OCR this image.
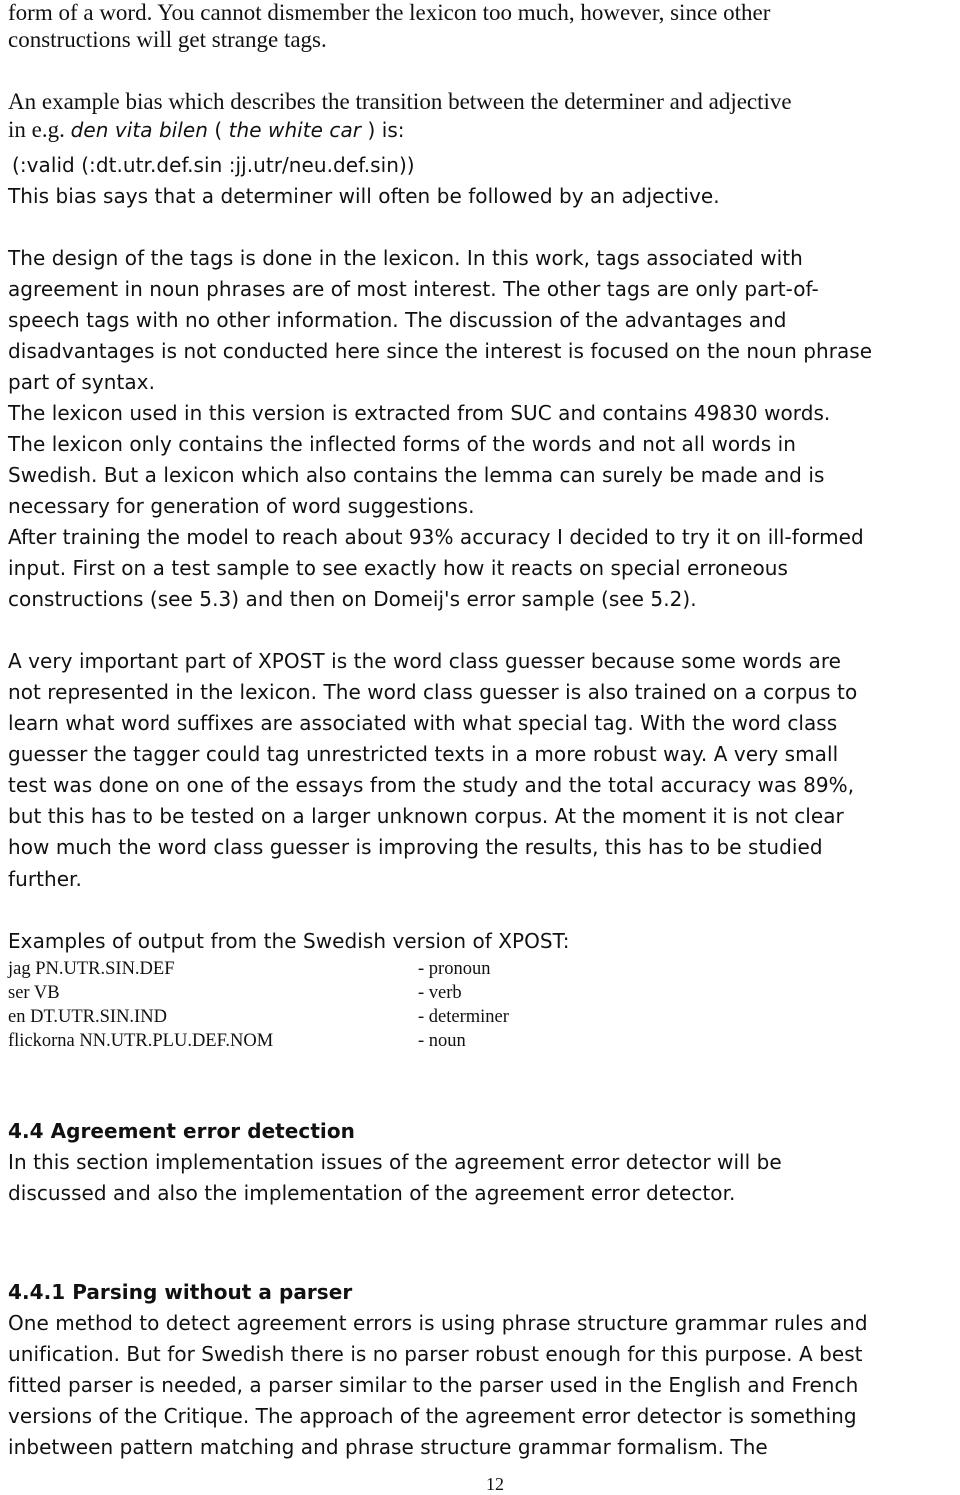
form of a word. You cannot dismember the lexicon too much, however, since other
constructions will get strange tags.
An example bias which describes the transition between the determiner and adjective
in e.g. den vita bilen ( the white car ) is:
(:valid (:dt.utr.def.sin :jj.utr/neu.def.sin))
This bias says that a determiner will often be followed by an adjective.
The design of the tags is done in the lexicon. In this work, tags associated with
agreement in noun phrases are of most interest. The other tags are only part-of-
speech tags with no other information. The discussion of the advantages and
disadvantages is not conducted here since the interest is focused on the noun phrase
part of syntax.
The lexicon used in this version is extracted from SUC and contains 49830 words.
The lexicon only contains the inflected forms of the words and not all words in
Swedish. But a lexicon which also contains the lemma can surely be made and is
necessary for generation of word suggestions.
After training the model to reach about 93% accuracy I decided to try it on ill-formed
input. First on a test sample to see exactly how it reacts on special erroneous
constructions (see 5.3) and then on Domeij's error sample (see 5.2).
A very important part of XPOST is the word class guesser because some words are
not represented in the lexicon. The word class guesser is also trained on a corpus to
learn what word suffixes are associated with what special tag. With the word class
guesser the tagger could tag unrestricted texts in a more robust way. A very small
test was done on one of the essays from the study and the total accuracy was 89%,
but this has to be tested on a larger unknown corpus. At the moment it is not clear
how much the word class guesser is improving the results, this has to be studied
further.
Examples of output from the Swedish version of XPOST:
jag PN.UTR.SIN.DEF	- pronoun
ser VB	- verb
en DT.UTR.SIN.IND	- determiner
flickorna NN.UTR.PLU.DEF.NOM	- noun
4.4 Agreement error detection
In this section implementation issues of the agreement error detector will be
discussed and also the implementation of the agreement error detector.
4.4.1 Parsing without a parser
One method to detect agreement errors is using phrase structure grammar rules and
unification. But for Swedish there is no parser robust enough for this purpose. A best
fitted parser is needed, a parser similar to the parser used in the English and French
versions of the Critique. The approach of the agreement error detector is something
inbetween pattern matching and phrase structure grammar formalism. The
12
